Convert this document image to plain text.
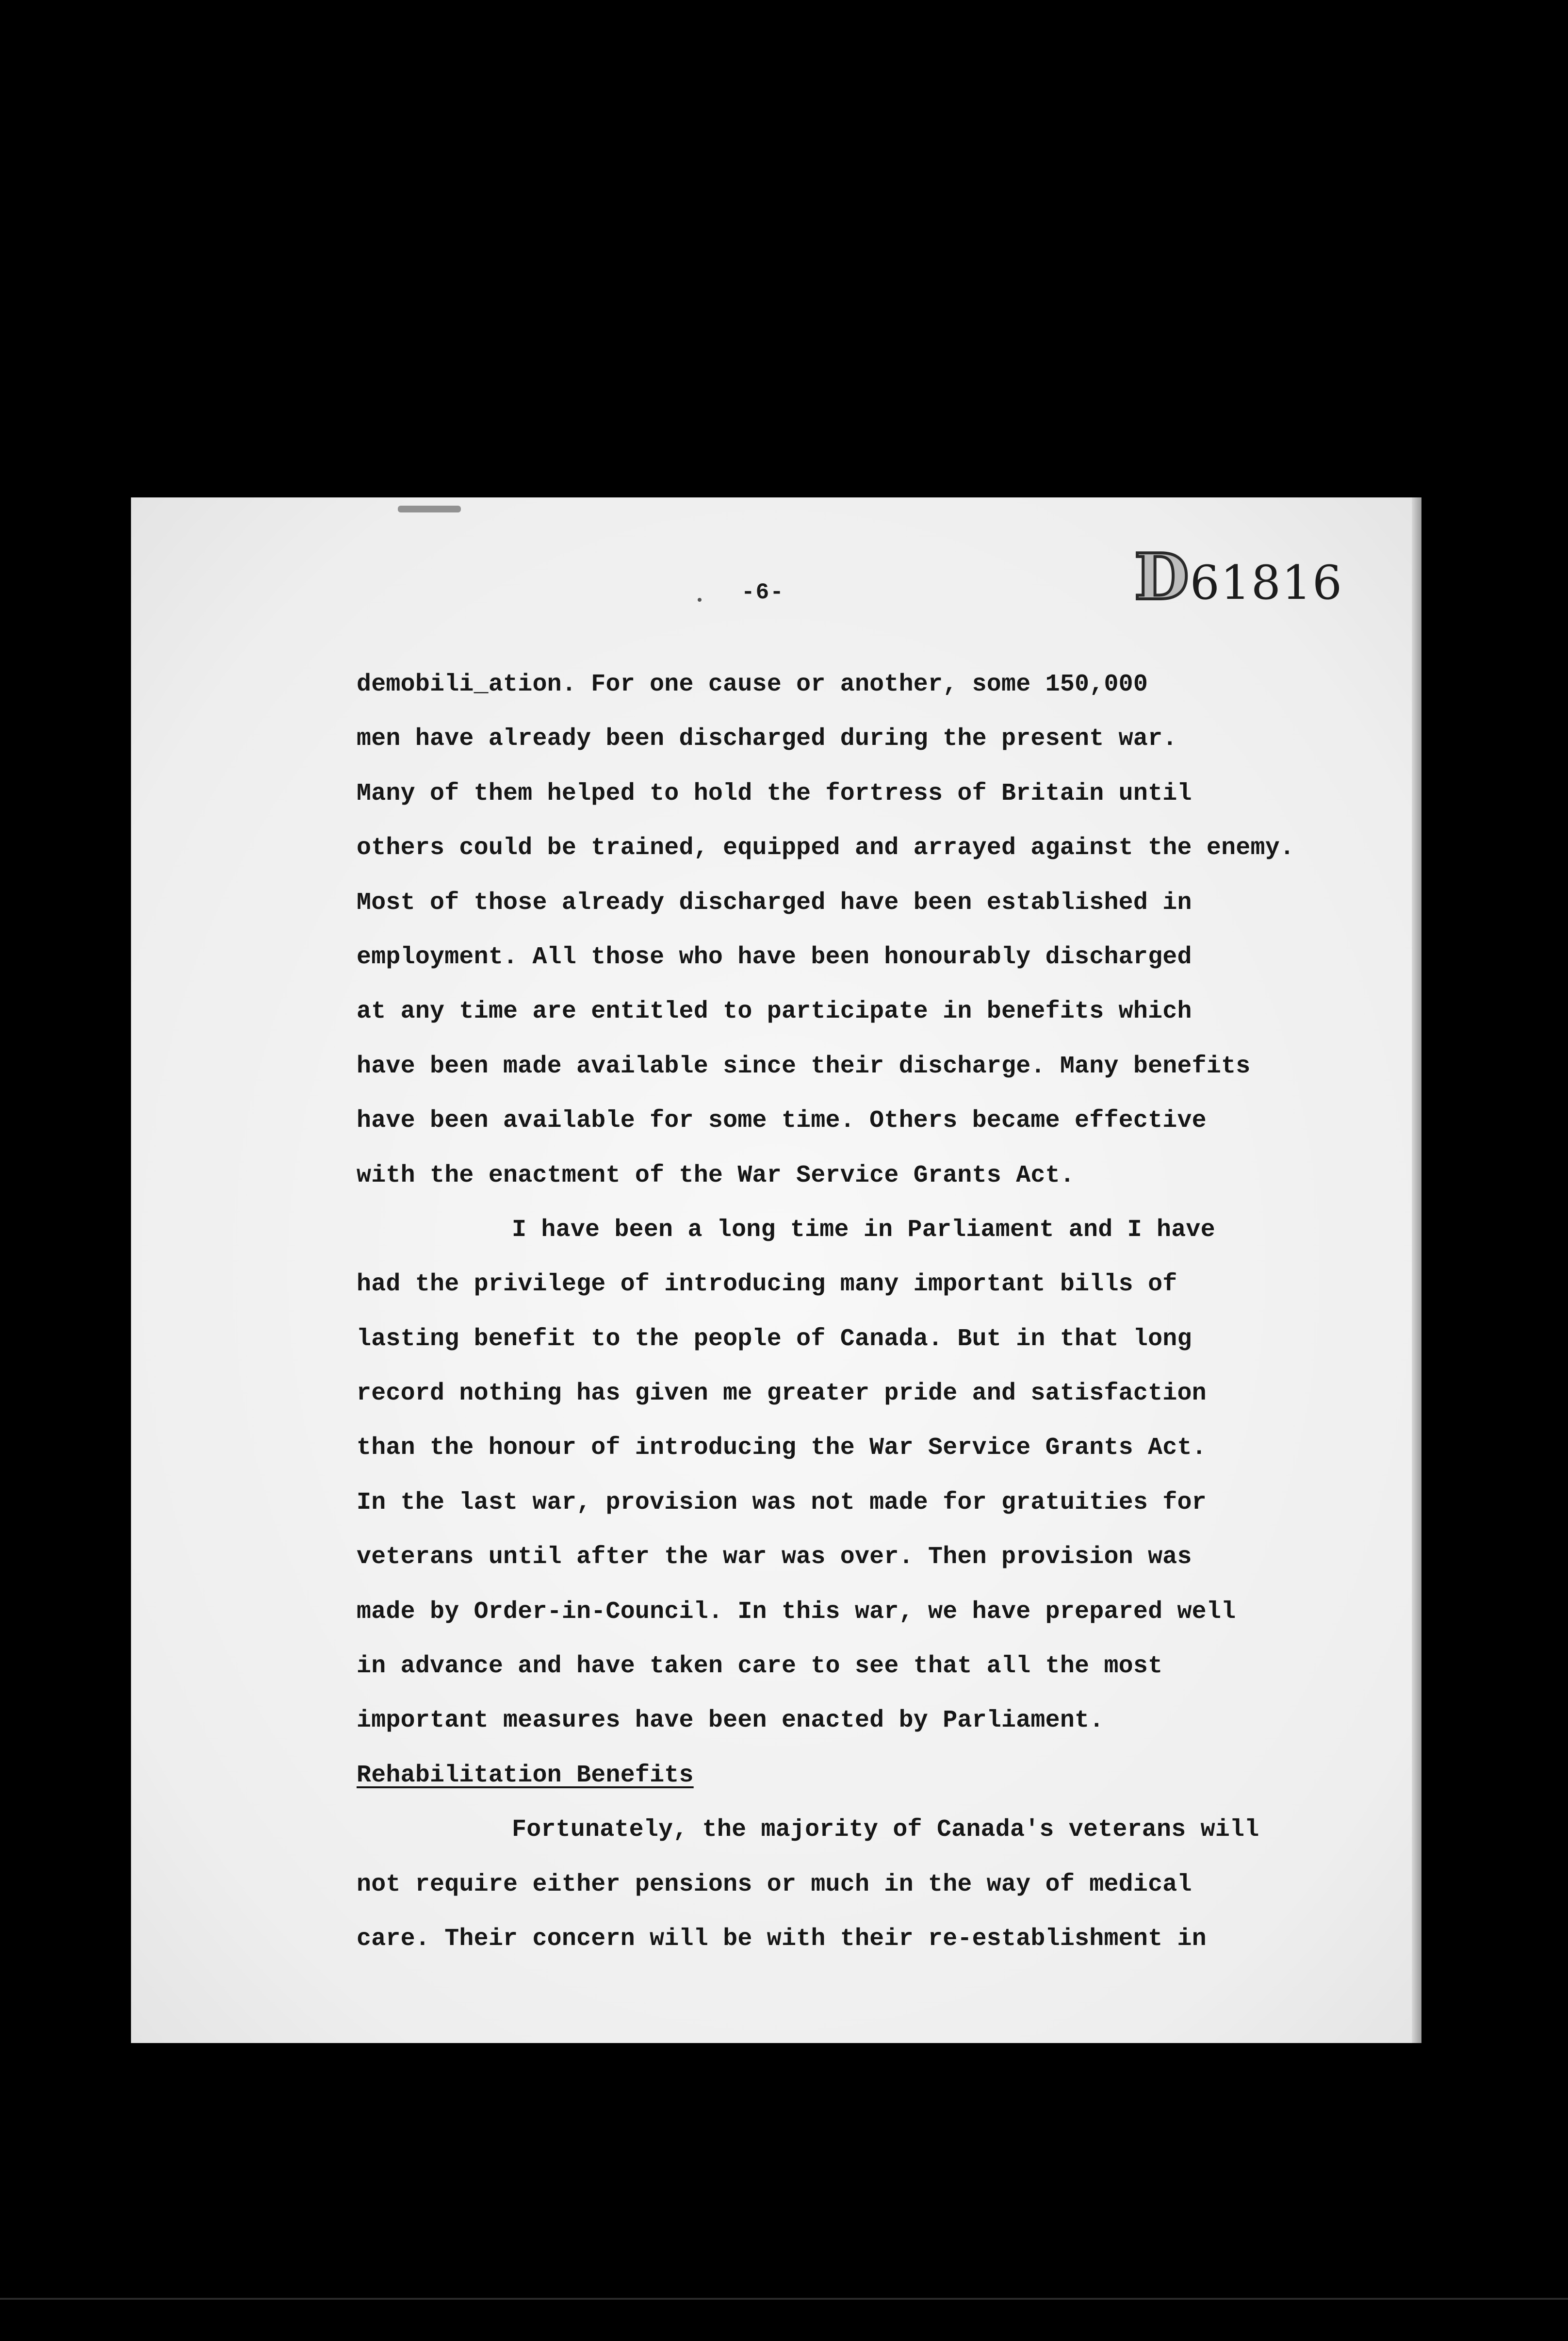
-6-	D61816
demobili_ation. For one cause or another, some 150,000
men have already been discharged during the present war.
Many of them helped to hold the fortress of Britain until
others could be trained, equipped and arrayed against the enemy.
Most of those already discharged have been established in
employment. All those who have been honourably discharged
at any time are entitled to participate in benefits which
have been made available since their discharge. Many benefits
have been available for some time. Others became effective
with the enactment of the War Service Grants Act.
I have been a long time in Parliament and I have
had the privilege of introducing many important bills of
lasting benefit to the people of Canada. But in that long
record nothing has given me greater pride and satisfaction
than the honour of introducing the War Service Grants Act.
In the last war, provision was not made for gratuities for
veterans until after the war was over. Then provision was
made by Order-in-Council. In this war, we have prepared well
in advance and have taken care to see that all the most
important measures have been enacted by Parliament.
Rehabilitation Benefits
Fortunately, the majority of Canada's veterans will
not require either pensions or much in the way of medical
care. Their concern will be with their re-establishment in
